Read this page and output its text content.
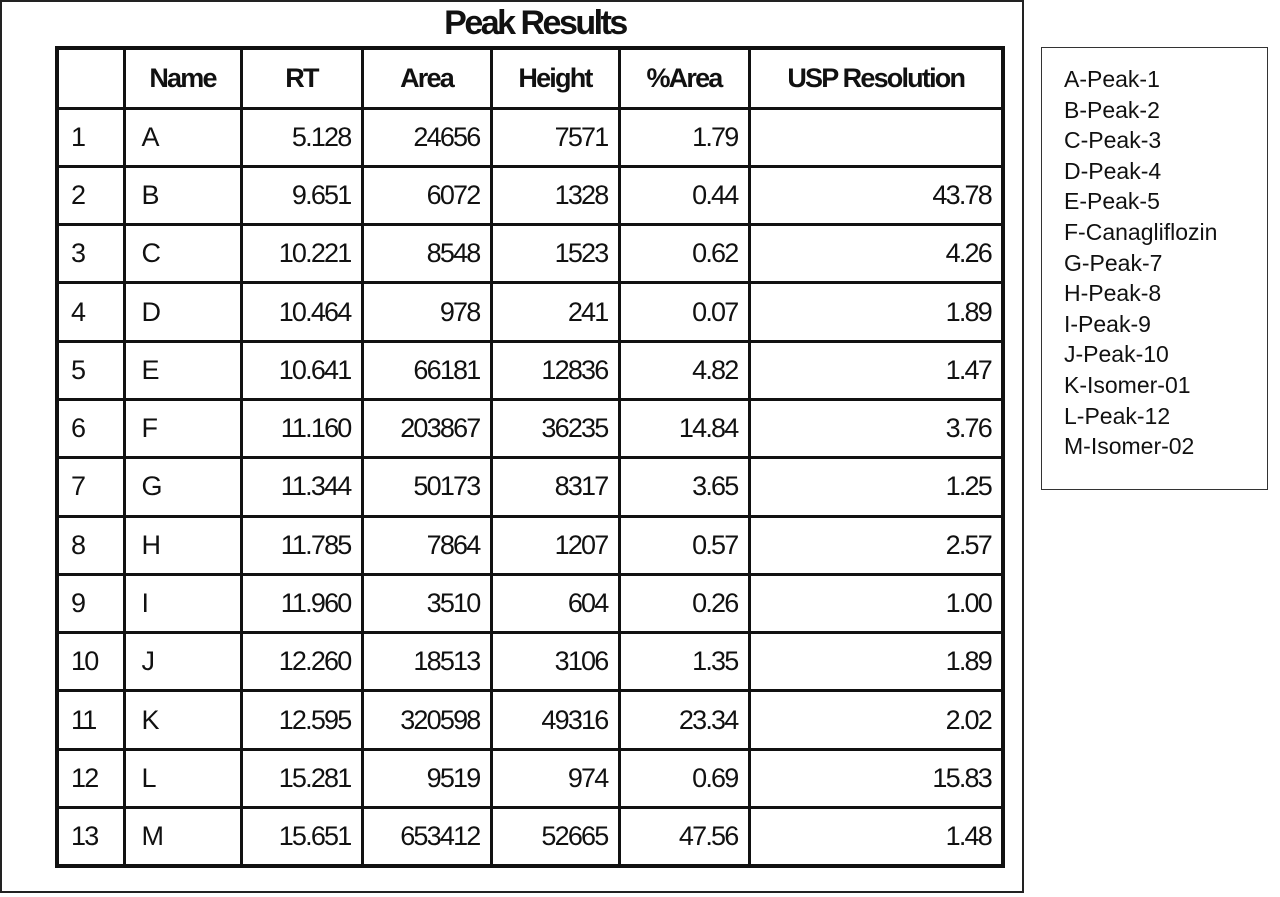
Peak Results
	Name	RT	Area	Height	%Area	USP Resolution
1	A	5.128	24656	7571	1.79	
2	B	9.651	6072	1328	0.44	43.78
3	C	10.221	8548	1523	0.62	4.26
4	D	10.464	978	241	0.07	1.89
5	E	10.641	66181	12836	4.82	1.47
6	F	11.160	203867	36235	14.84	3.76
7	G	11.344	50173	8317	3.65	1.25
8	H	11.785	7864	1207	0.57	2.57
9	I	11.960	3510	604	0.26	1.00
10	J	12.260	18513	3106	1.35	1.89
11	K	12.595	320598	49316	23.34	2.02
12	L	15.281	9519	974	0.69	15.83
13	M	15.651	653412	52665	47.56	1.48
A-Peak-1
B-Peak-2
C-Peak-3
D-Peak-4
E-Peak-5
F-Canagliflozin
G-Peak-7
H-Peak-8
I-Peak-9
J-Peak-10
K-Isomer-01
L-Peak-12
M-Isomer-02
